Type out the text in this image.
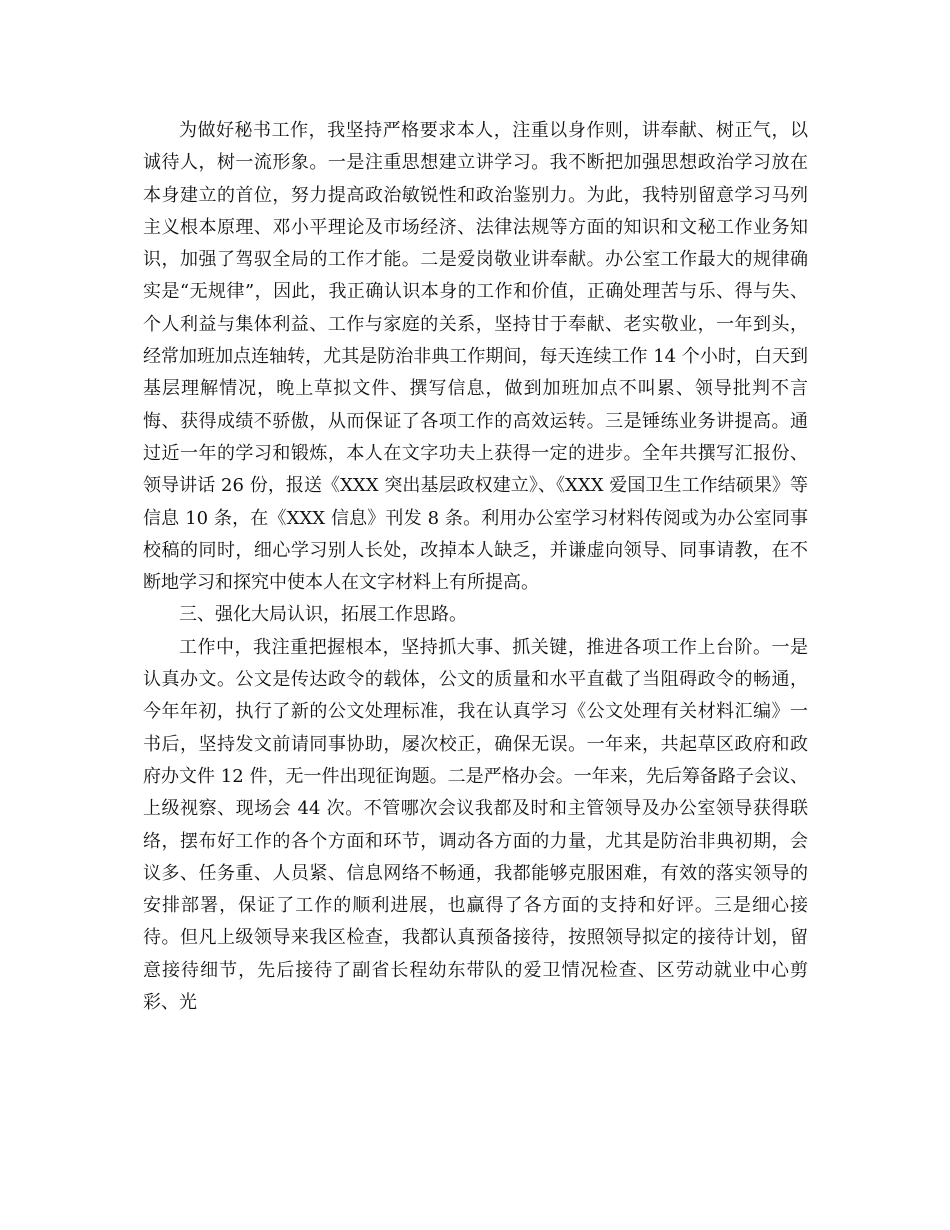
为做好秘书工作，我坚持严格要求本人，注重以身作则，讲奉献、树正气，以诚待人，树一流形象。一是注重思想建立讲学习。我不断把加强思想政治学习放在本身建立的首位，努力提高政治敏锐性和政治鉴别力。为此，我特别留意学习马列主义根本原理、邓小平理论及市场经济、法律法规等方面的知识和文秘工作业务知识，加强了驾驭全局的工作才能。二是爱岗敬业讲奉献。办公室工作最大的规律确实是“无规律”，因此，我正确认识本身的工作和价值，正确处理苦与乐、得与失、个人利益与集体利益、工作与家庭的关系，坚持甘于奉献、老实敬业，一年到头，经常加班加点连轴转，尤其是防治非典工作期间，每天连续工作 14 个小时，白天到基层理解情况，晚上草拟文件、撰写信息，做到加班加点不叫累、领导批判不言悔、获得成绩不骄傲，从而保证了各项工作的高效运转。三是锤练业务讲提高。通过近一年的学习和锻炼，本人在文字功夫上获得一定的进步。全年共撰写汇报份、领导讲话 26 份，报送《XXX 突出基层政权建立》、《XXX 爱国卫生工作结硕果》等信息 10 条，在《XXX 信息》刊发 8 条。利用办公室学习材料传阅或为办公室同事校稿的同时，细心学习别人长处，改掉本人缺乏，并谦虚向领导、同事请教，在不断地学习和探究中使本人在文字材料上有所提高。

三、强化大局认识，拓展工作思路。

工作中，我注重把握根本，坚持抓大事、抓关键，推进各项工作上台阶。一是认真办文。公文是传达政令的载体，公文的质量和水平直截了当阻碍政令的畅通，今年年初，执行了新的公文处理标准，我在认真学习《公文处理有关材料汇编》一书后，坚持发文前请同事协助，屡次校正，确保无误。一年来，共起草区政府和政府办文件 12 件，无一件出现征询题。二是严格办会。一年来，先后筹备路子会议、上级视察、现场会 44 次。不管哪次会议我都及时和主管领导及办公室领导获得联络，摆布好工作的各个方面和环节，调动各方面的力量，尤其是防治非典初期，会议多、任务重、人员紧、信息网络不畅通，我都能够克服困难，有效的落实领导的安排部署，保证了工作的顺利进展，也赢得了各方面的支持和好评。三是细心接待。但凡上级领导来我区检查，我都认真预备接待，按照领导拟定的接待计划，留意接待细节，先后接待了副省长程幼东带队的爱卫情况检查、区劳动就业中心剪彩、光
